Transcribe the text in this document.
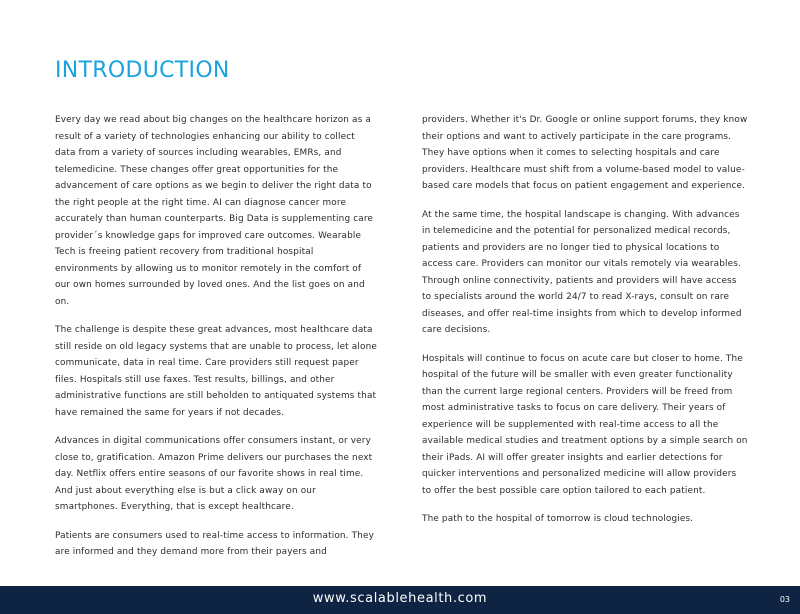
INTRODUCTION

Every day we read about big changes on the healthcare horizon as a result of a variety of technologies enhancing our ability to collect data from a variety of sources including wearables, EMRs, and telemedicine. These changes offer great opportunities for the advancement of care options as we begin to deliver the right data to the right people at the right time. AI can diagnose cancer more accurately than human counterparts. Big Data is supplementing care provider´s knowledge gaps for improved care outcomes. Wearable Tech is freeing patient recovery from traditional hospital environments by allowing us to monitor remotely in the comfort of our own homes surrounded by loved ones. And the list goes on and on.

The challenge is despite these great advances, most healthcare data still reside on old legacy systems that are unable to process, let alone communicate, data in real time. Care providers still request paper files. Hospitals still use faxes. Test results, billings, and other administrative functions are still beholden to antiquated systems that have remained the same for years if not decades.

Advances in digital communications offer consumers instant, or very close to, gratification. Amazon Prime delivers our purchases the next day. Netflix offers entire seasons of our favorite shows in real time. And just about everything else is but a click away on our smartphones. Everything, that is except healthcare.

Patients are consumers used to real-time access to information. They are informed and they demand more from their payers and

providers. Whether it's Dr. Google or online support forums, they know their options and want to actively participate in the care programs. They have options when it comes to selecting hospitals and care providers. Healthcare must shift from a volume-based model to value-based care models that focus on patient engagement and experience.

At the same time, the hospital landscape is changing. With advances in telemedicine and the potential for personalized medical records, patients and providers are no longer tied to physical locations to access care. Providers can monitor our vitals remotely via wearables. Through online connectivity, patients and providers will have access to specialists around the world 24/7 to read X-rays, consult on rare diseases, and offer real-time insights from which to develop informed care decisions.

Hospitals will continue to focus on acute care but closer to home. The hospital of the future will be smaller with even greater functionality than the current large regional centers. Providers will be freed from most administrative tasks to focus on care delivery. Their years of experience will be supplemented with real-time access to all the available medical studies and treatment options by a simple search on their iPads. AI will offer greater insights and earlier detections for quicker interventions and personalized medicine will allow providers to offer the best possible care option tailored to each patient.

The path to the hospital of tomorrow is cloud technologies.

www.scalablehealth.com	03
